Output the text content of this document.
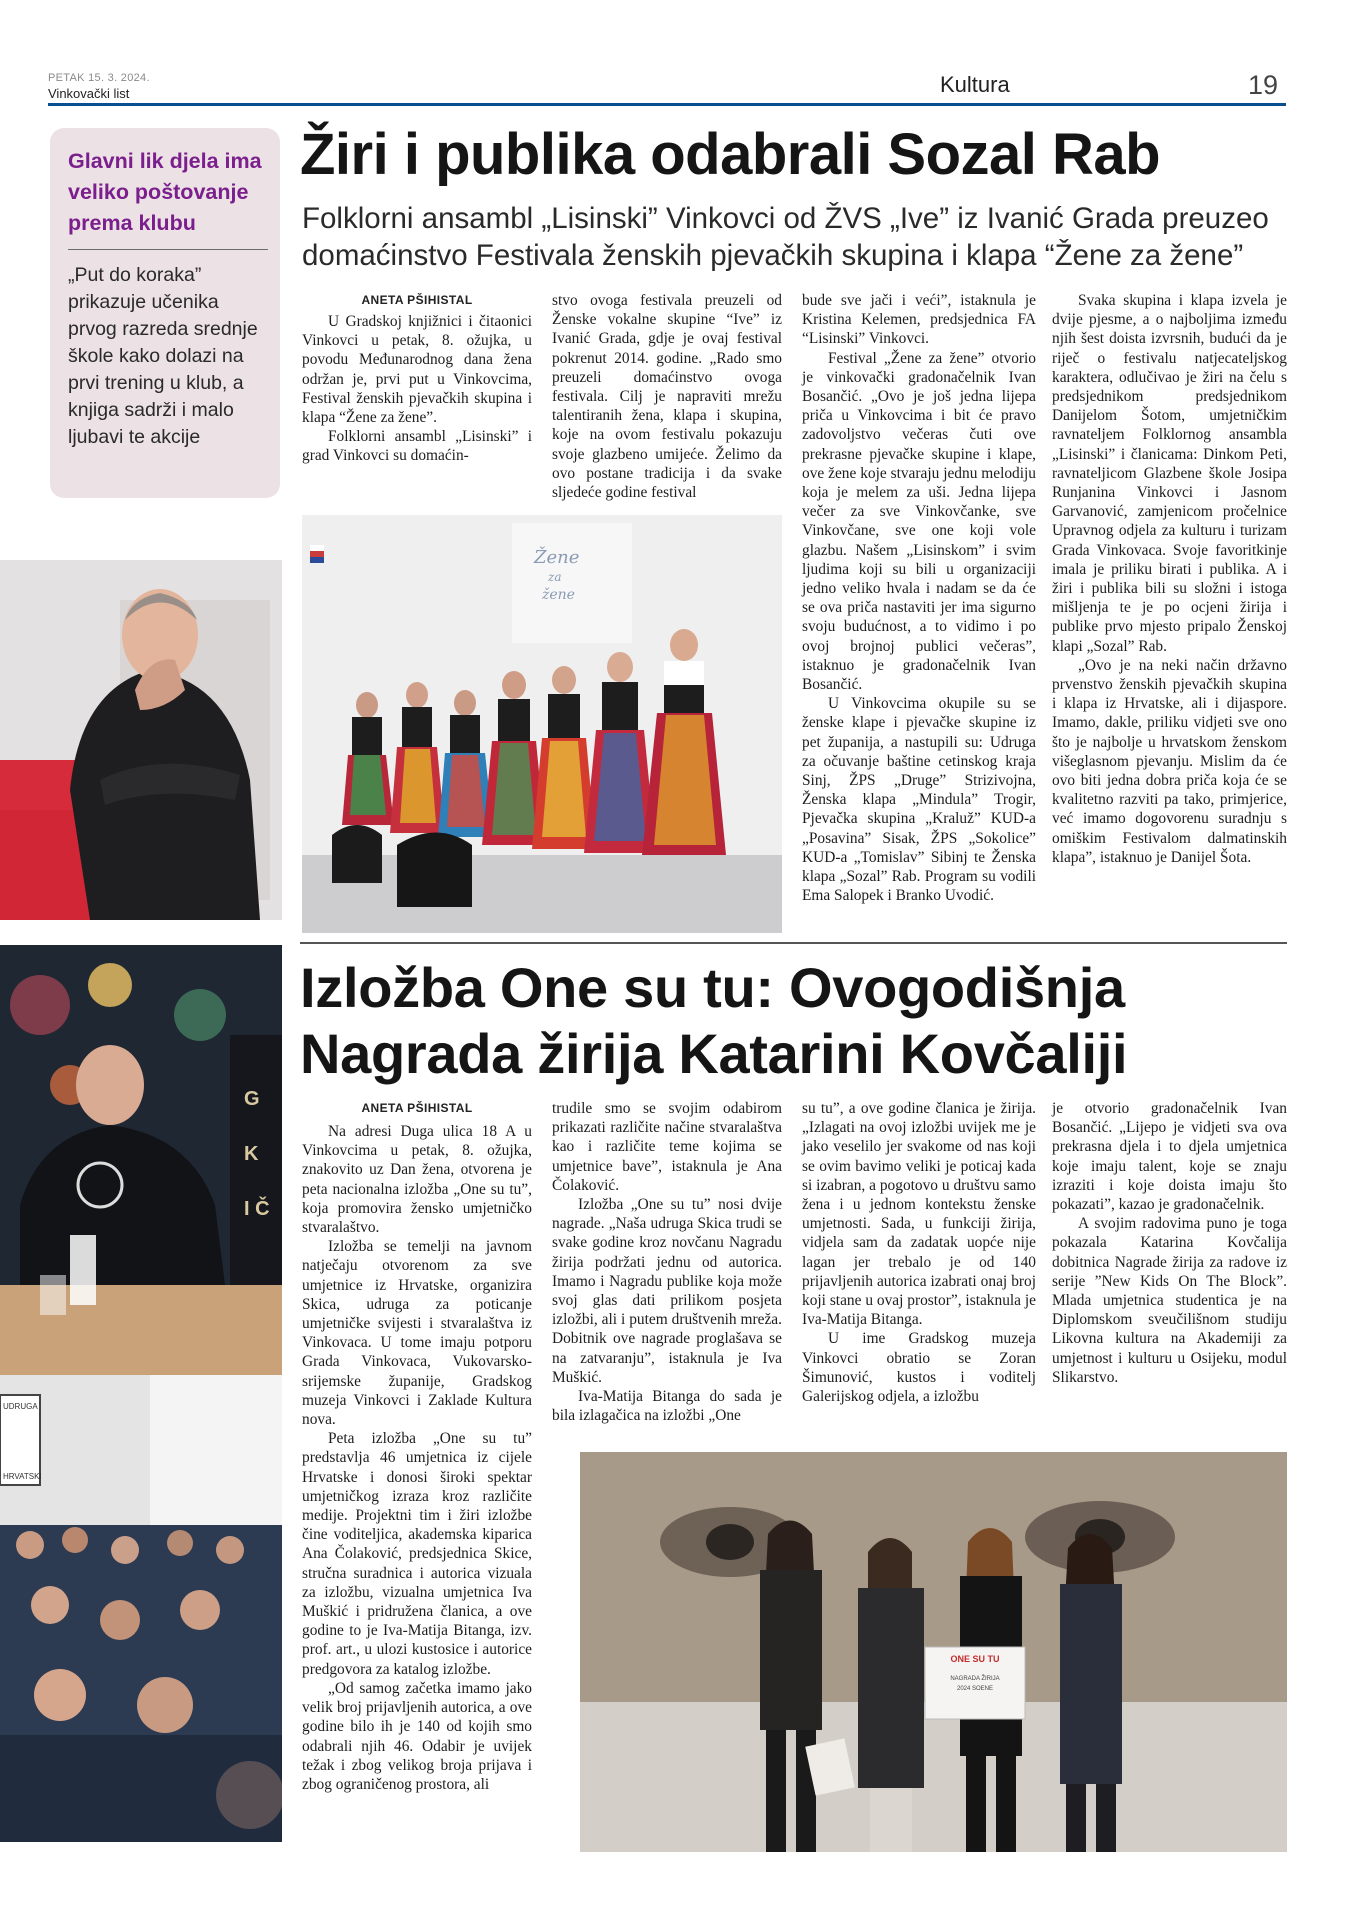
PETAK 15. 3. 2024.
Vinkovački list	Kultura	19
Glavni lik djela ima veliko poštovanje prema klubu
„Put do koraka” prikazuje učenika prvog razreda srednje škole kako dolazi na prvi trening u klub, a knjiga sadrži i malo ljubavi te akcije
G
K
I Č
UDRUGA
HRVATSKI
Žiri i publika odabrali Sozal Rab
Folklorni ansambl „Lisinski” Vinkovci od ŽVS „Ive” iz Ivanić Grada preuzeo domaćinstvo Festivala ženskih pjevačkih skupina i klapa “Žene za žene”
ANETA PŠIHISTAL

U Gradskoj knjižnici i čitaonici Vinkovci u petak, 8. ožujka, u povodu Međunarodnog dana žena održan je, prvi put u Vinkovcima, Festival ženskih pjevačkih skupina i klapa “Žene za žene”.

Folklorni ansambl „Lisinski” i grad Vinkovci su domaćin-

stvo ovoga festivala preuzeli od Ženske vokalne skupine “Ive” iz Ivanić Grada, gdje je ovaj festival pokrenut 2014. godine. „Rado smo preuzeli domaćinstvo ovoga festivala. Cilj je napraviti mrežu talentiranih žena, klapa i skupina, koje na ovom festivalu pokazuju svoje glazbeno umijeće. Želimo da ovo postane tradicija i da svake sljedeće godine festival

bude sve jači i veći”, istaknula je Kristina Kelemen, predsjednica FA “Lisinski” Vinkovci.

Festival „Žene za žene” otvorio je vinkovački gradonačelnik Ivan Bosančić. „Ovo je još jedna lijepa priča u Vinkovcima i bit će pravo zadovoljstvo večeras čuti ove prekrasne pjevačke skupine i klape, ove žene koje stvaraju jednu melodiju koja je melem za uši. Jedna lijepa večer za sve Vinkovčanke, sve Vinkovčane, sve one koji vole glazbu. Našem „Lisinskom” i svim ljudima koji su bili u organizaciji jedno veliko hvala i nadam se da će se ova priča nastaviti jer ima sigurno svoju budućnost, a to vidimo i po ovoj brojnoj publici večeras”, istaknuo je gradonačelnik Ivan Bosančić.

U Vinkovcima okupile su se ženske klape i pjevačke skupine iz pet županija, a nastupili su: Udruga za očuvanje baštine cetinskog kraja Sinj, ŽPS „Druge” Strizivojna, Ženska klapa „Mindula” Trogir, Pjevačka skupina „Kraluž” KUD-a „Posavina” Sisak, ŽPS „Sokolice” KUD-a „Tomislav” Sibinj te Ženska klapa „Sozal” Rab. Program su vodili Ema Salopek i Branko Uvodić.

Svaka skupina i klapa izvela je dvije pjesme, a o najboljima između njih šest doista izvrsnih, budući da je riječ o festivalu natjecateljskog karaktera, odlučivao je žiri na čelu s predsjednikom predsjednikom Danijelom Šotom, umjetničkim ravnateljem Folklornog ansambla „Lisinski” i članicama: Dinkom Peti, ravnateljicom Glazbene škole Josipa Runjanina Vinkovci i Jasnom Garvanović, zamjenicom pročelnice Upravnog odjela za kulturu i turizam Grada Vinkovaca. Svoje favoritkinje imala je priliku birati i publika. A i žiri i publika bili su složni i istoga mišljenja te je po ocjeni žirija i publike prvo mjesto pripalo Ženskoj klapi „Sozal” Rab.

„Ovo je na neki način državno prvenstvo ženskih pjevačkih skupina i klapa iz Hrvatske, ali i dijaspore. Imamo, dakle, priliku vidjeti sve ono što je najbolje u hrvatskom ženskom višeglasnom pjevanju. Mislim da će ovo biti jedna dobra priča koja će se kvalitetno razviti pa tako, primjerice, već imamo dogovorenu suradnju s omiškim Festivalom dalmatinskih klapa”, istaknuo je Danijel Šota.

Žene
za
žene
Izložba One su tu: Ovogodišnja Nagrada žirija Katarini Kovčaliji
ANETA PŠIHISTAL

Na adresi Duga ulica 18 A u Vinkovcima u petak, 8. ožujka, znakovito uz Dan žena, otvorena je peta nacionalna izložba „One su tu”, koja promovira žensko umjetničko stvaralaštvo.

Izložba se temelji na javnom natječaju otvorenom za sve umjetnice iz Hrvatske, organizira Skica, udruga za poticanje umjetničke svijesti i stvaralaštva iz Vinkovaca. U tome imaju potporu Grada Vinkovaca, Vukovarsko-srijemske županije, Gradskog muzeja Vinkovci i Zaklade Kultura nova.

Peta izložba „One su tu” predstavlja 46 umjetnica iz cijele Hrvatske i donosi široki spektar umjetničkog izraza kroz različite medije. Projektni tim i žiri izložbe čine voditeljica, akademska kiparica Ana Čolaković, predsjednica Skice, stručna suradnica i autorica vizuala za izložbu, vizualna umjetnica Iva Muškić i pridružena članica, a ove godine to je Iva-Matija Bitanga, izv. prof. art., u ulozi kustosice i autorice predgovora za katalog izložbe.

„Od samog začetka imamo jako velik broj prijavljenih autorica, a ove godine bilo ih je 140 od kojih smo odabrali njih 46. Odabir je uvijek težak i zbog velikog broja prijava i zbog ograničenog prostora, ali

trudile smo se svojim odabirom prikazati različite načine stvaralaštva kao i različite teme kojima se umjetnice bave”, istaknula je Ana Čolaković.

Izložba „One su tu” nosi dvije nagrade. „Naša udruga Skica trudi se svake godine kroz novčanu Nagradu žirija podržati jednu od autorica. Imamo i Nagradu publike koja može svoj glas dati prilikom posjeta izložbi, ali i putem društvenih mreža. Dobitnik ove nagrade proglašava se na zatvaranju”, istaknula je Iva Muškić.

Iva-Matija Bitanga do sada je bila izlagačica na izložbi „One

su tu”, a ove godine članica je žirija. „Izlagati na ovoj izložbi uvijek me je jako veselilo jer svakome od nas koji se ovim bavimo veliki je poticaj kada si izabran, a pogotovo u društvu samo žena i u jednom kontekstu ženske umjetnosti. Sada, u funkciji žirija, vidjela sam da zadatak uopće nije lagan jer trebalo je od 140 prijavljenih autorica izabrati onaj broj koji stane u ovaj prostor”, istaknula je Iva-Matija Bitanga.

U ime Gradskog muzeja Vinkovci obratio se Zoran Šimunović, kustos i voditelj Galerijskog odjela, a izložbu

je otvorio gradonačelnik Ivan Bosančić. „Lijepo je vidjeti sva ova prekrasna djela i to djela umjetnica koje imaju talent, koje se znaju izraziti i koje doista imaju što pokazati”, kazao je gradonačelnik.

A svojim radovima puno je toga pokazala Katarina Kovčalija dobitnica Nagrade žirija za radove iz serije ”New Kids On The Block”. Mlada umjetnica studentica je na Diplomskom sveučilišnom studiju Likovna kultura na Akademiji za umjetnost i kulturu u Osijeku, modul Slikarstvo.

ONE SU TU
NAGRADA ŽIRIJA
2024 SOENE
